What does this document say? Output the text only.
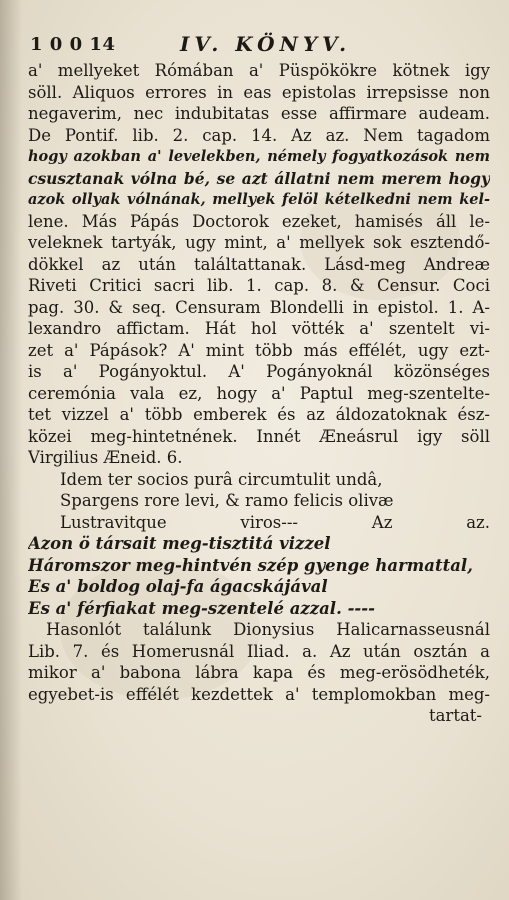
1 0 0 14	IV. KÖNYV.
a' mellyeket Rómában a' Püspökökre kötnek igy
söll. Aliquos errores in eas epistolas irrepsisse non
negaverim, nec indubitatas esse affirmare audeam.
De Pontif. lib. 2. cap. 14. Az az. Nem tagadom
hogy azokban a' levelekben, némely fogyatkozások nem
csusztanak vólna bé, se azt állatni nem merem hogy
azok ollyak vólnának, mellyek felöl kételkedni nem kel-
lene. Más Pápás Doctorok ezeket, hamisés áll le-
veleknek tartyák, ugy mint, a' mellyek sok esztendő-
dökkel az után találtattanak. Lásd-meg Andreæ
Riveti Critici sacri lib. 1. cap. 8. & Censur. Coci
pag. 30. & seq. Censuram Blondelli in epistol. 1. A-
lexandro affictam. Hát hol vötték a' szentelt vi-
zet a' Pápások? A' mint több más effélét, ugy ezt-
is a' Pogányoktul. A' Pogányoknál közönséges
ceremónia vala ez, hogy a' Paptul meg-szentelte-
tet vizzel a' több emberek és az áldozatoknak ész-
közei meg-hintetnének. Innét Æneásrul igy söll
Virgilius Æneid. 6.
Idem ter socios purâ circumtulit undâ,
Spargens rore levi, & ramo felicis olivæ
Lustravitque viros--- Az az.
Azon ö társait meg-tisztitá vizzel
Háromszor meg-hintvén szép gyenge harmattal,
Es a' boldog olaj-fa ágacskájával
Es a' férfiakat meg-szentelé azzal. ----
Hasonlót találunk Dionysius Halicarnasseusnál
Lib. 7. és Homerusnál Iliad. a. Az után osztán a
mikor a' babona lábra kapa és meg-erösödheték,
egyebet-is effélét kezdettek a' templomokban meg-
tartat-
